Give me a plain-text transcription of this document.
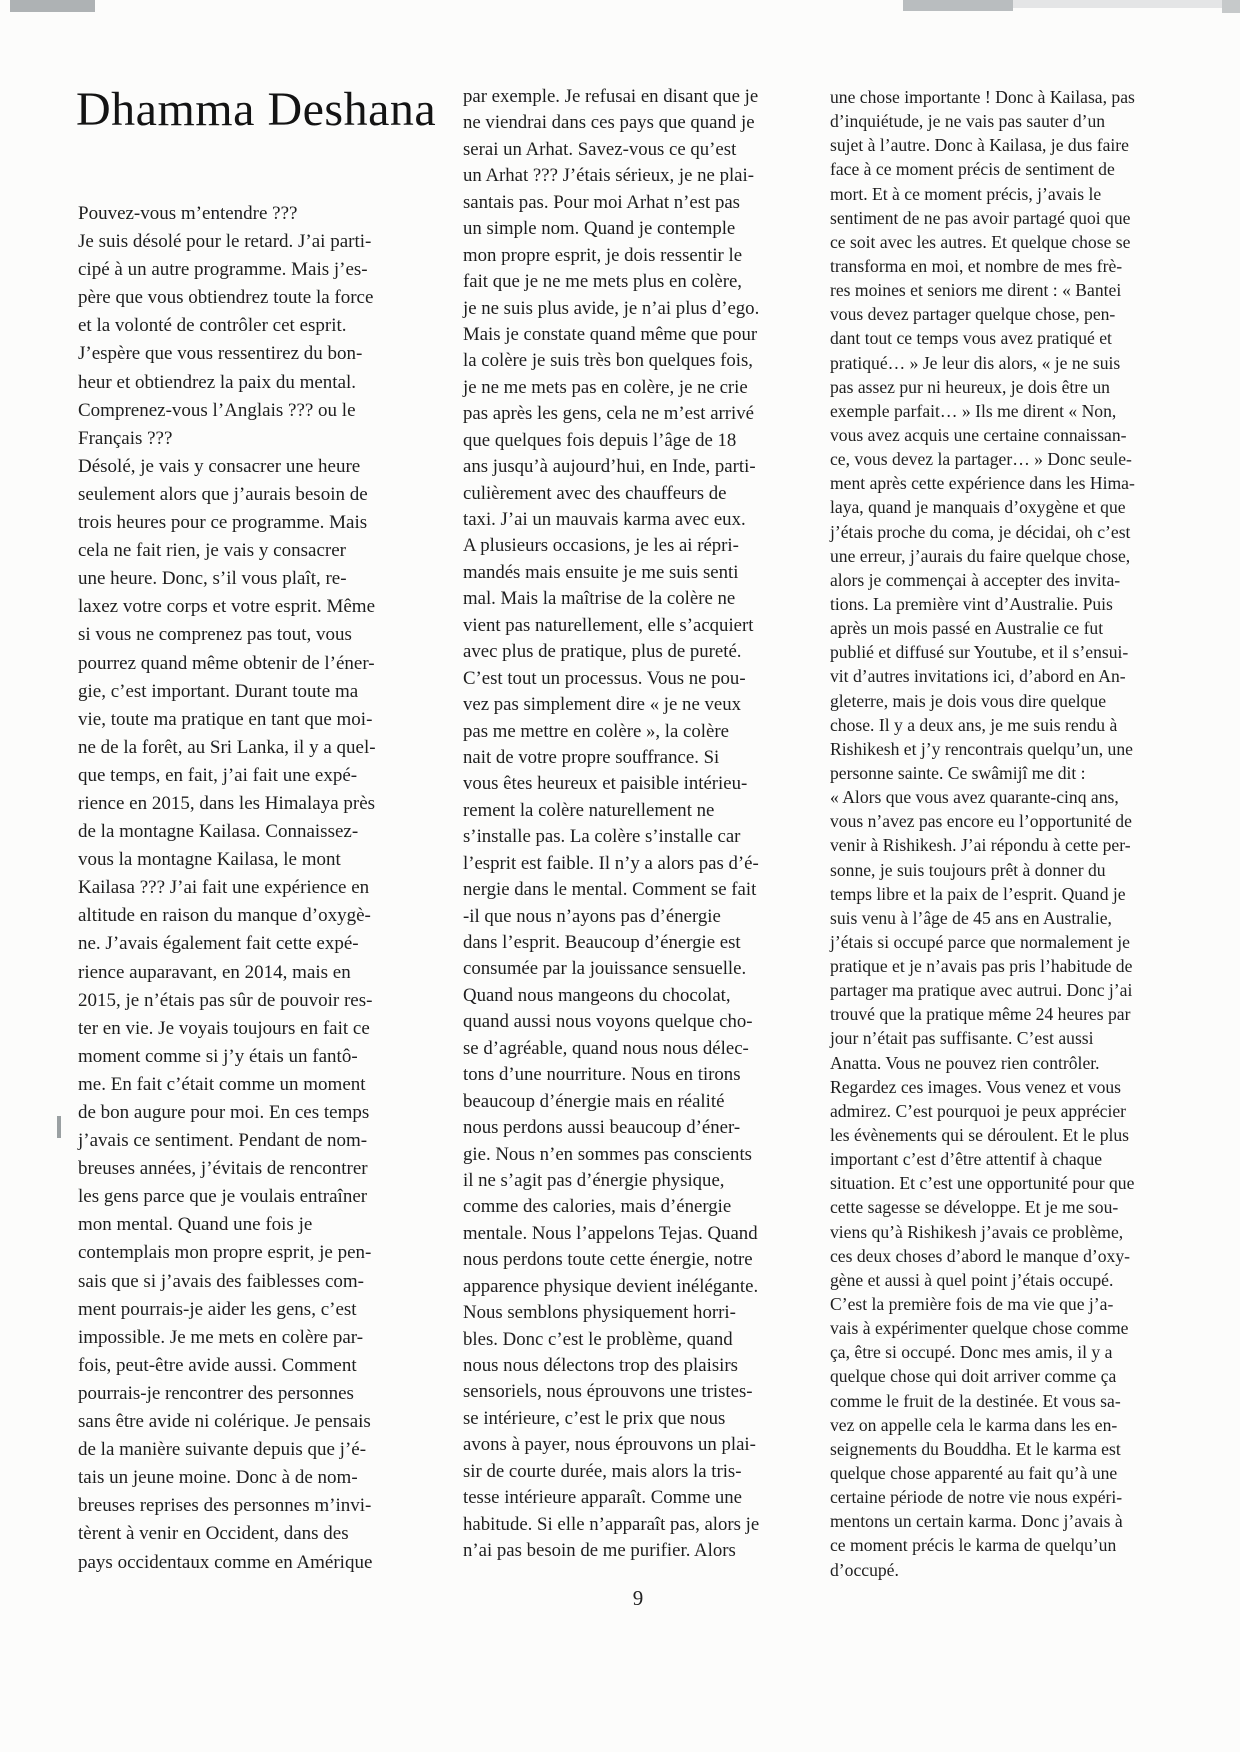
Dhamma Deshana
Pouvez-vous m’entendre ???
Je suis désolé pour le retard. J’ai parti-
cipé à un autre programme. Mais j’es-
père que vous obtiendrez toute la force
et la volonté de contrôler cet esprit.
J’espère que vous ressentirez du bon-
heur et obtiendrez la paix du mental.
Comprenez-vous l’Anglais ??? ou le
Français ???
Désolé, je vais y consacrer une heure
seulement alors que j’aurais besoin de
trois heures pour ce programme. Mais
cela ne fait rien, je vais y consacrer
une heure. Donc, s’il vous plaît, re-
laxez votre corps et votre esprit. Même
si vous ne comprenez pas tout, vous
pourrez quand même obtenir de l’éner-
gie, c’est important. Durant toute ma
vie, toute ma pratique en tant que moi-
ne de la forêt, au Sri Lanka, il y a quel-
que temps, en fait, j’ai fait une expé-
rience en 2015, dans les Himalaya près
de la montagne Kailasa. Connaissez-
vous la montagne Kailasa, le mont
Kailasa ??? J’ai fait une expérience en
altitude en raison du manque d’oxygè-
ne. J’avais également fait cette expé-
rience auparavant, en 2014, mais en
2015, je n’étais pas sûr de pouvoir res-
ter en vie. Je voyais toujours en fait ce
moment comme si j’y étais un fantô-
me. En fait c’était comme un moment
de bon augure pour moi. En ces temps
j’avais ce sentiment. Pendant de nom-
breuses années, j’évitais de rencontrer
les gens parce que je voulais entraîner
mon mental. Quand une fois je
contemplais mon propre esprit, je pen-
sais que si j’avais des faiblesses com-
ment pourrais-je aider les gens, c’est
impossible. Je me mets en colère par-
fois, peut-être avide aussi. Comment
pourrais-je rencontrer des personnes
sans être avide ni colérique. Je pensais
de la manière suivante depuis que j’é-
tais un jeune moine. Donc à de nom-
breuses reprises des personnes m’invi-
tèrent à venir en Occident, dans des
pays occidentaux comme en Amérique
par exemple. Je refusai en disant que je
ne viendrai dans ces pays que quand je
serai un Arhat. Savez-vous ce qu’est
un Arhat ??? J’étais sérieux, je ne plai-
santais pas. Pour moi Arhat n’est pas
un simple nom. Quand je contemple
mon propre esprit, je dois ressentir le
fait que je ne me mets plus en colère,
je ne suis plus avide, je n’ai plus d’ego.
Mais je constate quand même que pour
la colère je suis très bon quelques fois,
je ne me mets pas en colère, je ne crie
pas après les gens, cela ne m’est arrivé
que quelques fois depuis l’âge de 18
ans jusqu’à aujourd’hui, en Inde, parti-
culièrement avec des chauffeurs de
taxi. J’ai un mauvais karma avec eux.
A plusieurs occasions, je les ai répri-
mandés mais ensuite je me suis senti
mal. Mais la maîtrise de la colère ne
vient pas naturellement, elle s’acquiert
avec plus de pratique, plus de pureté.
C’est tout un processus. Vous ne pou-
vez pas simplement dire « je ne veux
pas me mettre en colère », la colère
nait de votre propre souffrance. Si
vous êtes heureux et paisible intérieu-
rement la colère naturellement ne
s’installe pas. La colère s’installe car
l’esprit est faible. Il n’y a alors pas d’é-
nergie dans le mental. Comment se fait
-il que nous n’ayons pas d’énergie
dans l’esprit. Beaucoup d’énergie est
consumée par la jouissance sensuelle.
Quand nous mangeons du chocolat,
quand aussi nous voyons quelque cho-
se d’agréable, quand nous nous délec-
tons d’une nourriture. Nous en tirons
beaucoup d’énergie mais en réalité
nous perdons aussi beaucoup d’éner-
gie. Nous n’en sommes pas conscients
il ne s’agit pas d’énergie physique,
comme des calories, mais d’énergie
mentale. Nous l’appelons Tejas. Quand
nous perdons toute cette énergie, notre
apparence physique devient inélégante.
Nous semblons physiquement horri-
bles. Donc c’est le problème, quand
nous nous délectons trop des plaisirs
sensoriels, nous éprouvons une tristes-
se intérieure, c’est le prix que nous
avons à payer, nous éprouvons un plai-
sir de courte durée, mais alors la tris-
tesse intérieure apparaît. Comme une
habitude. Si elle n’apparaît pas, alors je
n’ai pas besoin de me purifier. Alors
une chose importante ! Donc à Kailasa, pas
d’inquiétude, je ne vais pas sauter d’un
sujet à l’autre. Donc à Kailasa, je dus faire
face à ce moment précis de sentiment de
mort. Et à ce moment précis, j’avais le
sentiment de ne pas avoir partagé quoi que
ce soit avec les autres. Et quelque chose se
transforma en moi, et nombre de mes frè-
res moines et seniors me dirent : « Bantei
vous devez partager quelque chose, pen-
dant tout ce temps vous avez pratiqué et
pratiqué… » Je leur dis alors, « je ne suis
pas assez pur ni heureux, je dois être un
exemple parfait… » Ils me dirent « Non,
vous avez acquis une certaine connaissan-
ce, vous devez la partager… » Donc seule-
ment après cette expérience dans les Hima-
laya, quand je manquais d’oxygène et que
j’étais proche du coma, je décidai, oh c’est
une erreur, j’aurais du faire quelque chose,
alors je commençai à accepter des invita-
tions. La première vint d’Australie. Puis
après un mois passé en Australie ce fut
publié et diffusé sur Youtube, et il s’ensui-
vit d’autres invitations ici, d’abord en An-
gleterre, mais je dois vous dire quelque
chose. Il y a deux ans, je me suis rendu à
Rishikesh et j’y rencontrais quelqu’un, une
personne sainte. Ce swâmijî me dit :
« Alors que vous avez quarante-cinq ans,
vous n’avez pas encore eu l’opportunité de
venir à Rishikesh. J’ai répondu à cette per-
sonne, je suis toujours prêt à donner du
temps libre et la paix de l’esprit. Quand je
suis venu à l’âge de 45 ans en Australie,
j’étais si occupé parce que normalement je
pratique et je n’avais pas pris l’habitude de
partager ma pratique avec autrui. Donc j’ai
trouvé que la pratique même 24 heures par
jour n’était pas suffisante. C’est aussi
Anatta. Vous ne pouvez rien contrôler.
Regardez ces images. Vous venez et vous
admirez. C’est pourquoi je peux apprécier
les évènements qui se déroulent. Et le plus
important c’est d’être attentif à chaque
situation. Et c’est une opportunité pour que
cette sagesse se développe. Et je me sou-
viens qu’à Rishikesh j’avais ce problème,
ces deux choses d’abord le manque d’oxy-
gène et aussi à quel point j’étais occupé.
C’est la première fois de ma vie que j’a-
vais à expérimenter quelque chose comme
ça, être si occupé. Donc mes amis, il y a
quelque chose qui doit arriver comme ça
comme le fruit de la destinée. Et vous sa-
vez on appelle cela le karma dans les en-
seignements du Bouddha. Et le karma est
quelque chose apparenté au fait qu’à une
certaine période de notre vie nous expéri-
mentons un certain karma. Donc j’avais à
ce moment précis le karma de quelqu’un
d’occupé.
9
